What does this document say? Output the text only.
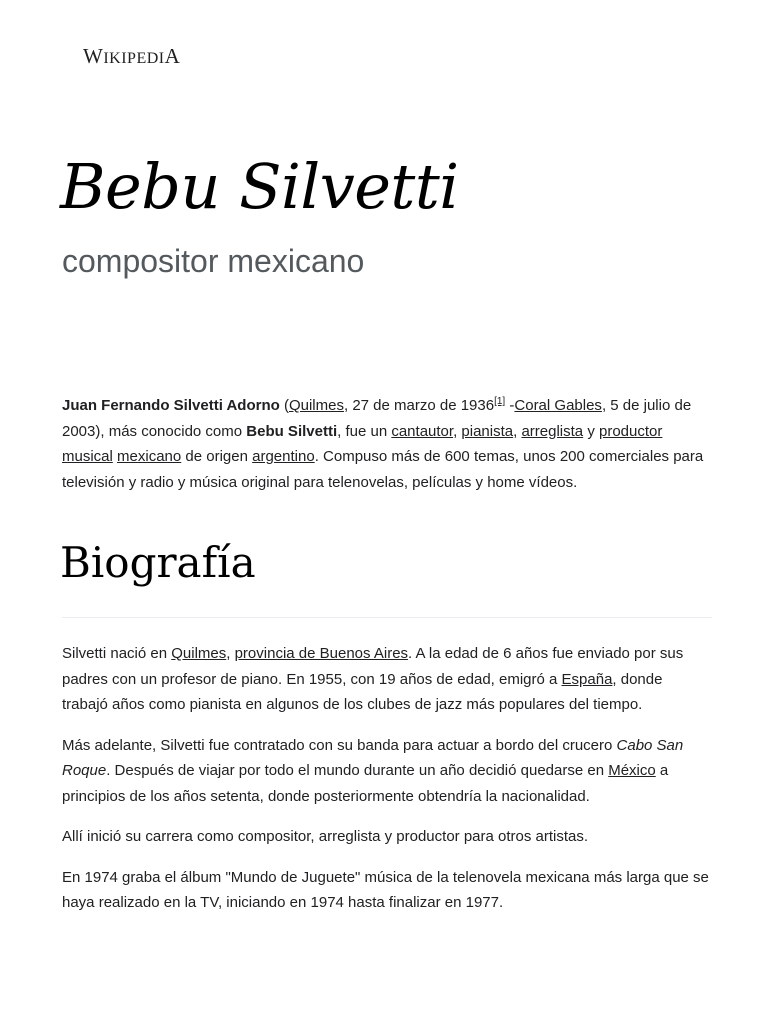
WIKIPEDIA
Bebu Silvetti
compositor mexicano

Juan Fernando Silvetti Adorno (Quilmes, 27 de marzo de 1936[1] -Coral Gables, 5 de julio de 2003), más conocido como Bebu Silvetti, fue un cantautor, pianista, arreglista y productor musical mexicano de origen argentino. Compuso más de 600 temas, unos 200 comerciales para televisión y radio y música original para telenovelas, películas y home vídeos.

Biografía

Silvetti nació en Quilmes, provincia de Buenos Aires. A la edad de 6 años fue enviado por sus padres con un profesor de piano. En 1955, con 19 años de edad, emigró a España, donde trabajó años como pianista en algunos de los clubes de jazz más populares del tiempo.

Más adelante, Silvetti fue contratado con su banda para actuar a bordo del crucero Cabo San Roque. Después de viajar por todo el mundo durante un año decidió quedarse en México a principios de los años setenta, donde posteriormente obtendría la nacionalidad.

Allí inició su carrera como compositor, arreglista y productor para otros artistas.

En 1974 graba el álbum "Mundo de Juguete" música de la telenovela mexicana más larga que se haya realizado en la TV, iniciando en 1974 hasta finalizar en 1977.
